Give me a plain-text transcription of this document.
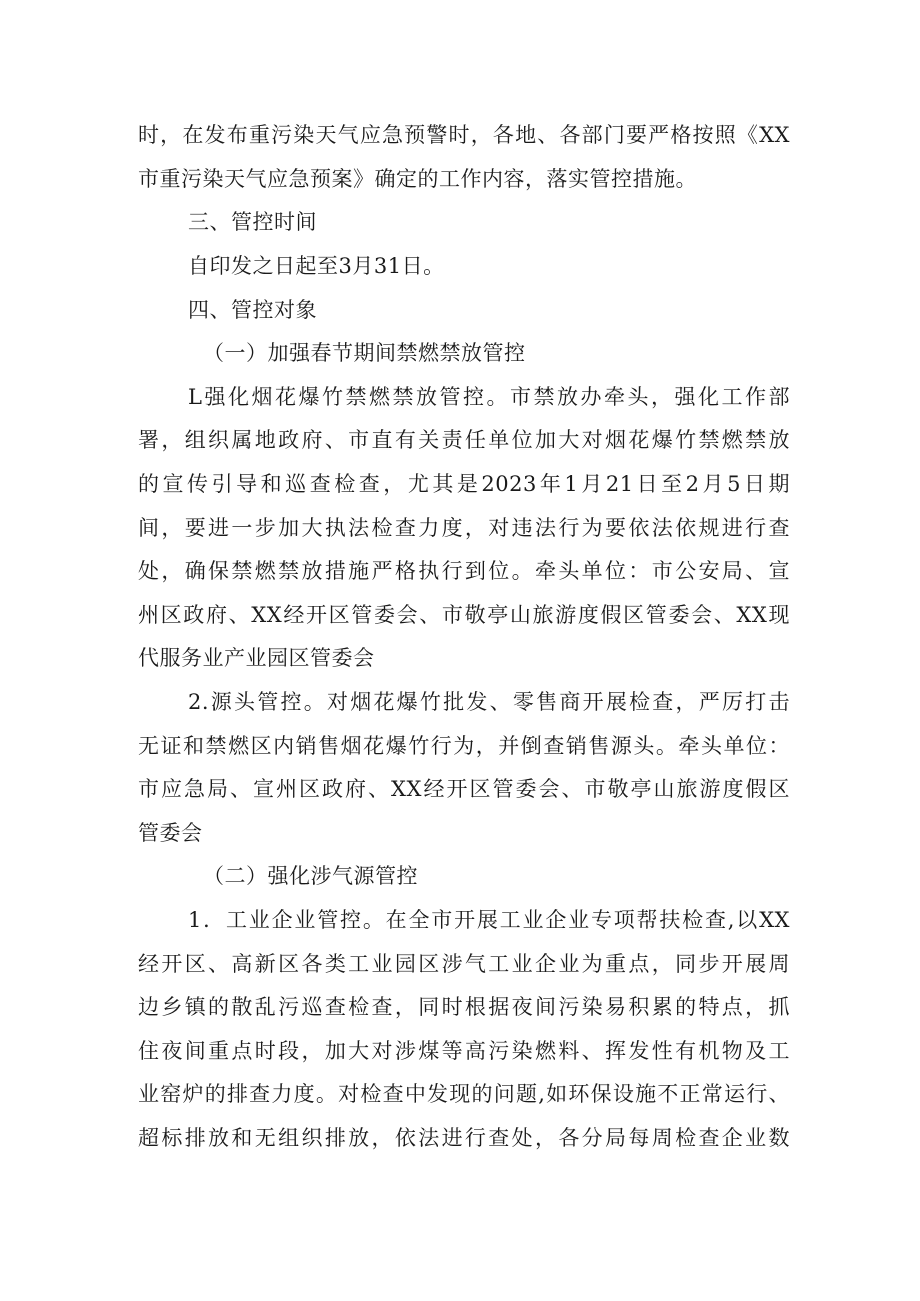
时，在发布重污染天气应急预警时，各地、各部门要严格按照《XX
市重污染天气应急预案》确定的工作内容，落实管控措施。
三、管控时间
自印发之日起至3月31日。
四、管控对象
（一）加强春节期间禁燃禁放管控
L强化烟花爆竹禁燃禁放管控。市禁放办牵头，强化工作部
署，组织属地政府、市直有关责任单位加大对烟花爆竹禁燃禁放
的宣传引导和巡查检查，尤其是2023年1月21日至2月5日期
间，要进一步加大执法检查力度，对违法行为要依法依规进行查
处，确保禁燃禁放措施严格执行到位。牵头单位：市公安局、宣
州区政府、XX经开区管委会、市敬亭山旅游度假区管委会、XX现
代服务业产业园区管委会
2.源头管控。对烟花爆竹批发、零售商开展检查，严厉打击
无证和禁燃区内销售烟花爆竹行为，并倒查销售源头。牵头单位：
市应急局、宣州区政府、XX经开区管委会、市敬亭山旅游度假区
管委会
（二）强化涉气源管控
1．工业企业管控。在全市开展工业企业专项帮扶检查,以XX
经开区、高新区各类工业园区涉气工业企业为重点，同步开展周
边乡镇的散乱污巡查检查，同时根据夜间污染易积累的特点，抓
住夜间重点时段，加大对涉煤等高污染燃料、挥发性有机物及工
业窑炉的排查力度。对检查中发现的问题,如环保设施不正常运行、
超标排放和无组织排放，依法进行查处，各分局每周检查企业数
